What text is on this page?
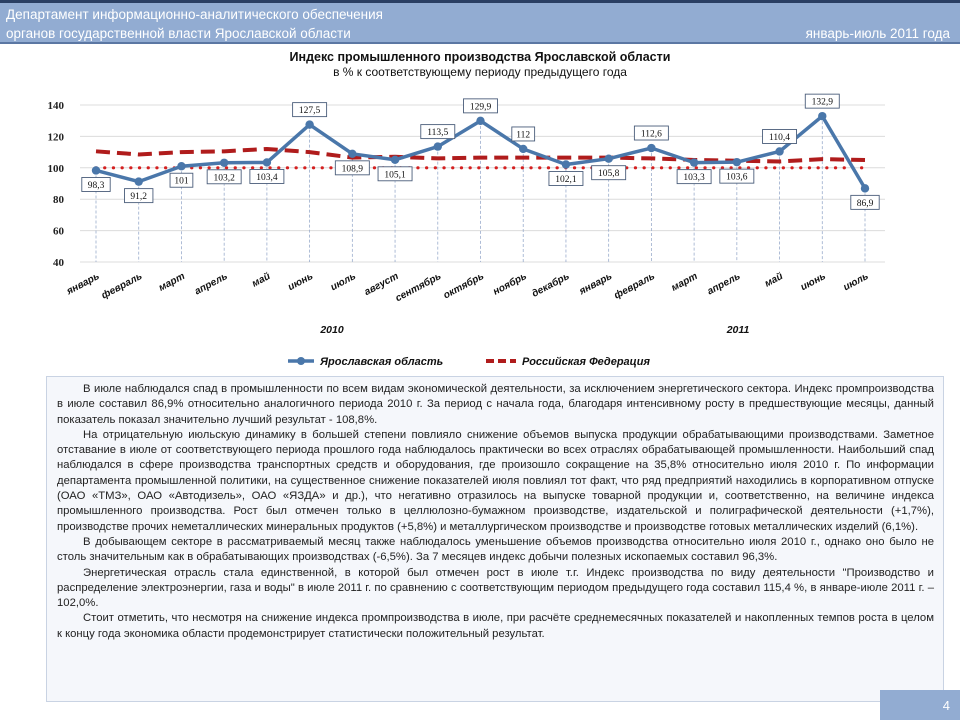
Департамент информационно-аналитического обеспечения
органов государственной власти Ярославской области	январь-июль 2011 года
Индекс промышленного производства Ярославской области
в % к соответствующему периоду предыдущего года
40
60
80
100
120
140
январь
февраль март апрель май июнь июль август
сентябрь
октябрь ноябрь декабрь январь
февраль март апрель май июнь июль
2010	2011
98,3
91,2
101	103,2 103,4
127,5
108,9
105,1
113,5
129,9
112
102,1
105,8
112,6
103,3 103,6
110,4
132,9
86,9
Ярославская область	Российская Федерация

В июле наблюдался спад в промышленности по всем видам экономической деятельности, за исключением энергетического сектора. Индекс промпроизводства в июле составил 86,9% относительно аналогичного периода 2010 г. За период с начала года, благодаря интенсивному росту в предшествующие месяцы, данный показатель показал значительно лучший результат - 108,8%.

На отрицательную июльскую динамику в большей степени повлияло снижение объемов выпуска продукции обрабатывающими производствами. Заметное отставание в июле от соответствующего периода прошлого года наблюдалось практически во всех отраслях обрабатывающей промышленности. Наибольший спад наблюдался в сфере производства транспортных средств и оборудования, где произошло сокращение на 35,8% относительно июля 2010 г. По информации департамента промышленной политики, на существенное снижение показателей июля повлиял тот факт, что ряд предприятий находились в корпоративном отпуске (ОАО «ТМЗ», ОАО «Автодизель», ОАО «ЯЗДА» и др.), что негативно отразилось на выпуске товарной продукции и, соответственно, на величине индекса промышленного производства. Рост был отмечен только в целлюлозно-бумажном производстве, издательской и полиграфической деятельности (+1,7%), производстве прочих неметаллических минеральных продуктов (+5,8%) и металлургическом производстве и производстве готовых металлических изделий (6,1%).

В добывающем секторе в рассматриваемый месяц также наблюдалось уменьшение объемов производства относительно июля 2010 г., однако оно было не столь значительным как в обрабатывающих производствах (-6,5%). За 7 месяцев индекс добычи полезных ископаемых составил 96,3%.

Энергетическая отрасль стала единственной, в которой был отмечен рост в июле т.г. Индекс производства по виду деятельности "Производство и распределение электроэнергии, газа и воды" в июле 2011 г. по сравнению с соответствующим периодом предыдущего года составил 115,4 %, в январе-июле 2011 г. – 102,0%.

Стоит отметить, что несмотря на снижение индекса промпроизводства в июле, при расчёте среднемесячных показателей и накопленных темпов роста в целом к концу года экономика области продемонстрирует статистически положительный результат.

4
